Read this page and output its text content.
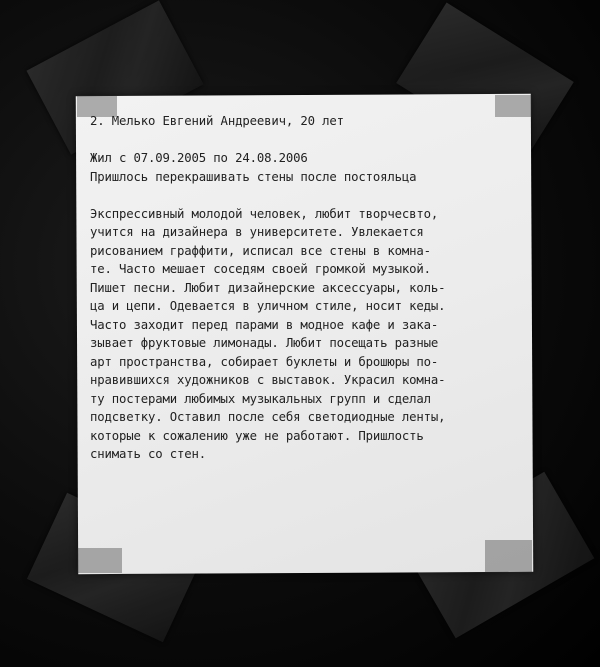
2. Мелько Евгений Андреевич, 20 лет
Жил с 07.09.2005 по 24.08.2006
Пришлось перекрашивать стены после постояльца
Экспрессивный молодой человек, любит творчесвто,
учится на дизайнера в университете. Увлекается
рисованием граффити, исписал все стены в комна-
те. Часто мешает соседям своей громкой музыкой.
Пишет песни. Любит дизайнерские аксессуары, коль-
ца и цепи. Одевается в уличном стиле, носит кеды.
Часто заходит перед парами в модное кафе и зака-
зывает фруктовые лимонады. Любит посещать разные
арт пространства, собирает буклеты и брошюры по-
нравившихся художников с выставок. Украсил комна-
ту постерами любимых музыкальных групп и сделал
подсветку. Оставил после себя светодиодные ленты,
которые к сожалению уже не работают. Пришлость
снимать со стен.
